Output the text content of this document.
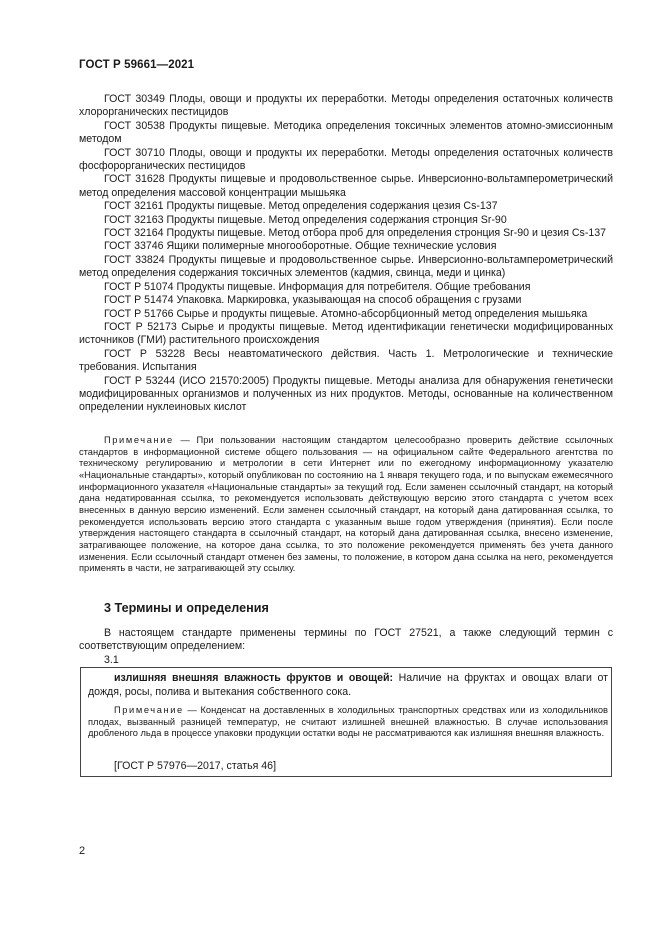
ГОСТ Р 59661—2021

ГОСТ 30349 Плоды, овощи и продукты их переработки. Методы определения остаточных количеств хлорорганических пестицидов

ГОСТ 30538 Продукты пищевые. Методика определения токсичных элементов атомно-эмиссионным методом

ГОСТ 30710 Плоды, овощи и продукты их переработки. Методы определения остаточных количеств фосфорорганических пестицидов

ГОСТ 31628 Продукты пищевые и продовольственное сырье. Инверсионно-вольтамперометрический метод определения массовой концентрации мышьяка

ГОСТ 32161 Продукты пищевые. Метод определения содержания цезия Cs-137

ГОСТ 32163 Продукты пищевые. Метод определения содержания стронция Sr-90

ГОСТ 32164 Продукты пищевые. Метод отбора проб для определения стронция Sr-90 и цезия Cs-137

ГОСТ 33746 Ящики полимерные многооборотные. Общие технические условия

ГОСТ 33824 Продукты пищевые и продовольственное сырье. Инверсионно-вольтамперометрический метод определения содержания токсичных элементов (кадмия, свинца, меди и цинка)

ГОСТ Р 51074 Продукты пищевые. Информация для потребителя. Общие требования

ГОСТ Р 51474 Упаковка. Маркировка, указывающая на способ обращения с грузами

ГОСТ Р 51766 Сырье и продукты пищевые. Атомно-абсорбционный метод определения мышьяка

ГОСТ Р 52173 Сырье и продукты пищевые. Метод идентификации генетически модифицированных источников (ГМИ) растительного происхождения

ГОСТ Р 53228 Весы неавтоматического действия. Часть 1. Метрологические и технические требования. Испытания

ГОСТ Р 53244 (ИСО 21570:2005) Продукты пищевые. Методы анализа для обнаружения генетически модифицированных организмов и полученных из них продуктов. Методы, основанные на количественном определении нуклеиновых кислот

Примечание — При пользовании настоящим стандартом целесообразно проверить действие ссылочных стандартов в информационной системе общего пользования — на официальном сайте Федерального агентства по техническому регулированию и метрологии в сети Интернет или по ежегодному информационному указателю «Национальные стандарты», который опубликован по состоянию на 1 января текущего года, и по выпускам ежемесячного информационного указателя «Национальные стандарты» за текущий год. Если заменен ссылочный стандарт, на который дана недатированная ссылка, то рекомендуется использовать действующую версию этого стандарта с учетом всех внесенных в данную версию изменений. Если заменен ссылочный стандарт, на который дана датированная ссылка, то рекомендуется использовать версию этого стандарта с указанным выше годом утверждения (принятия). Если после утверждения настоящего стандарта в ссылочный стандарт, на который дана датированная ссылка, внесено изменение, затрагивающее положение, на которое дана ссылка, то это положение рекомендуется применять без учета данного изменения. Если ссылочный стандарт отменен без замены, то положение, в котором дана ссылка на него, рекомендуется применять в части, не затрагивающей эту ссылку.

3 Термины и определения

В настоящем стандарте применены термины по ГОСТ 27521, а также следующий термин с соответствующим определением:

3.1

излишняя внешняя влажность фруктов и овощей: Наличие на фруктах и овощах влаги от дождя, росы, полива и вытекания собственного сока.

Примечание — Конденсат на доставленных в холодильных транспортных средствах или из холодильников плодах, вызванный разницей температур, не считают излишней внешней влажностью. В случае использования дробленого льда в процессе упаковки продукции остатки воды не рассматриваются как излишняя внешняя влажность.

[ГОСТ Р 57976—2017, статья 46]
2
